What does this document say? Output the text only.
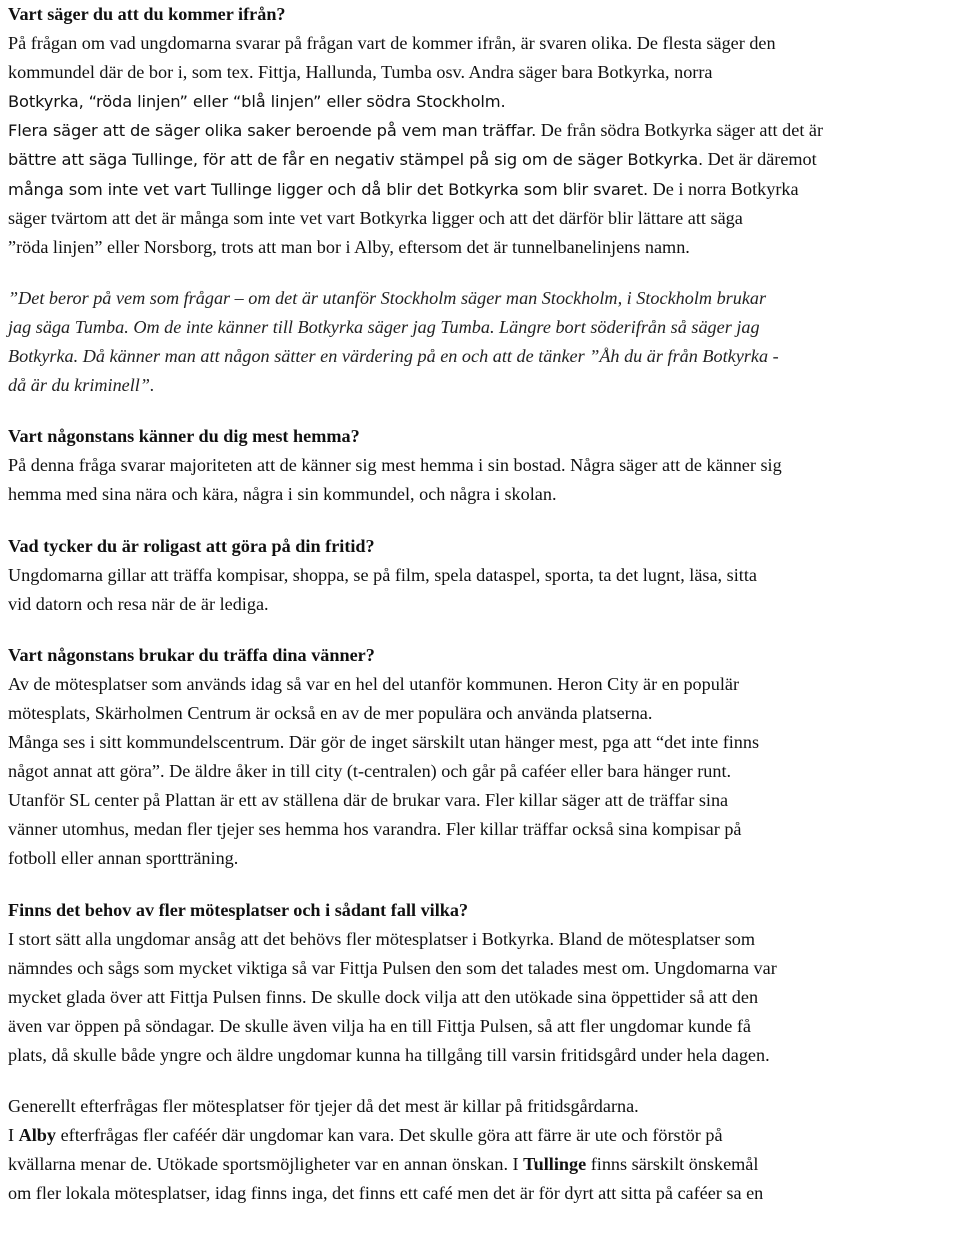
Vart säger du att du kommer ifrån?
På frågan om vad ungdomarna svarar på frågan vart de kommer ifrån, är svaren olika. De flesta säger den
kommundel där de bor i, som tex. Fittja, Hallunda, Tumba osv. Andra säger bara Botkyrka, norra
Botkyrka, “röda linjen” eller “blå linjen” eller södra Stockholm.
Flera säger att de säger olika saker beroende på vem man träffar. De från södra Botkyrka säger att det är
bättre att säga Tullinge, för att de får en negativ stämpel på sig om de säger Botkyrka. Det är däremot
många som inte vet vart Tullinge ligger och då blir det Botkyrka som blir svaret. De i norra Botkyrka
säger tvärtom att det är många som inte vet vart Botkyrka ligger och att det därför blir lättare att säga
”röda linjen” eller Norsborg, trots att man bor i Alby, eftersom det är tunnelbanelinjens namn.
”Det beror på vem som frågar – om det är utanför Stockholm säger man Stockholm, i Stockholm brukar
jag säga Tumba. Om de inte känner till Botkyrka säger jag Tumba. Längre bort söderifrån så säger jag
Botkyrka. Då känner man att någon sätter en värdering på en och att de tänker ”Åh du är från Botkyrka -
då är du kriminell”.
Vart någonstans känner du dig mest hemma?
På denna fråga svarar majoriteten att de känner sig mest hemma i sin bostad. Några säger att de känner sig
hemma med sina nära och kära, några i sin kommundel, och några i skolan.
Vad tycker du är roligast att göra på din fritid?
Ungdomarna gillar att träffa kompisar, shoppa, se på film, spela dataspel, sporta, ta det lugnt, läsa, sitta
vid datorn och resa när de är lediga.
Vart någonstans brukar du träffa dina vänner?
Av de mötesplatser som används idag så var en hel del utanför kommunen. Heron City är en populär
mötesplats, Skärholmen Centrum är också en av de mer populära och använda platserna.
Många ses i sitt kommundelscentrum. Där gör de inget särskilt utan hänger mest, pga att “det inte finns
något annat att göra”. De äldre åker in till city (t-centralen) och går på caféer eller bara hänger runt.
Utanför SL center på Plattan är ett av ställena där de brukar vara. Fler killar säger att de träffar sina
vänner utomhus, medan fler tjejer ses hemma hos varandra. Fler killar träffar också sina kompisar på
fotboll eller annan sportträning.
Finns det behov av fler mötesplatser och i sådant fall vilka?
I stort sätt alla ungdomar ansåg att det behövs fler mötesplatser i Botkyrka. Bland de mötesplatser som
nämndes och sågs som mycket viktiga så var Fittja Pulsen den som det talades mest om. Ungdomarna var
mycket glada över att Fittja Pulsen finns. De skulle dock vilja att den utökade sina öppettider så att den
även var öppen på söndagar. De skulle även vilja ha en till Fittja Pulsen, så att fler ungdomar kunde få
plats, då skulle både yngre och äldre ungdomar kunna ha tillgång till varsin fritidsgård under hela dagen.
Generellt efterfrågas fler mötesplatser för tjejer då det mest är killar på fritidsgårdarna.
I Alby efterfrågas fler caféér där ungdomar kan vara. Det skulle göra att färre är ute och förstör på
kvällarna menar de. Utökade sportsmöjligheter var en annan önskan. I Tullinge finns särskilt önskemål
om fler lokala mötesplatser, idag finns inga, det finns ett café men det är för dyrt att sitta på caféer sa en
